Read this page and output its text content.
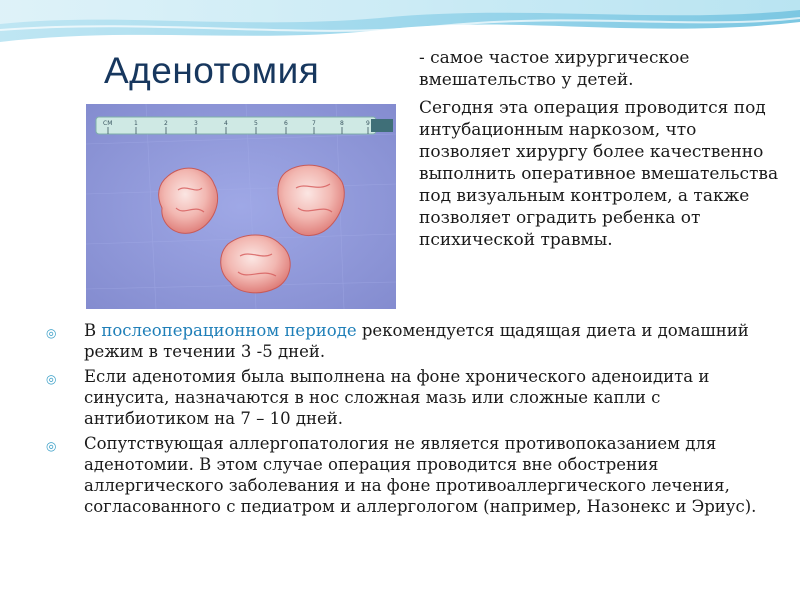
Аденотомия
CM	1	2	3	4	5	6	7	8	9

- самое частое хирургическое вмешательство у детей.

Сегодня эта операция проводится под интубационным наркозом, что позволяет хирургу более качественно выполнить оперативное вмешательства под визуальным контролем, а также позволяет оградить ребенка от психической травмы.

◎ В послеоперационном периоде рекомендуется щадящая диета и домашний режим в течении 3 -5 дней.
◎ Если аденотомия была выполнена на фоне хронического аденоидита и синусита, назначаются в нос сложная мазь или сложные капли с антибиотиком на 7 – 10 дней.
◎ Сопутствующая аллергопатология не является противопоказанием для аденотомии. В этом случае операция проводится вне обострения аллергического заболевания и на фоне противоаллергического лечения, согласованного с педиатром и аллергологом (например, Назонекс и Эриус).
